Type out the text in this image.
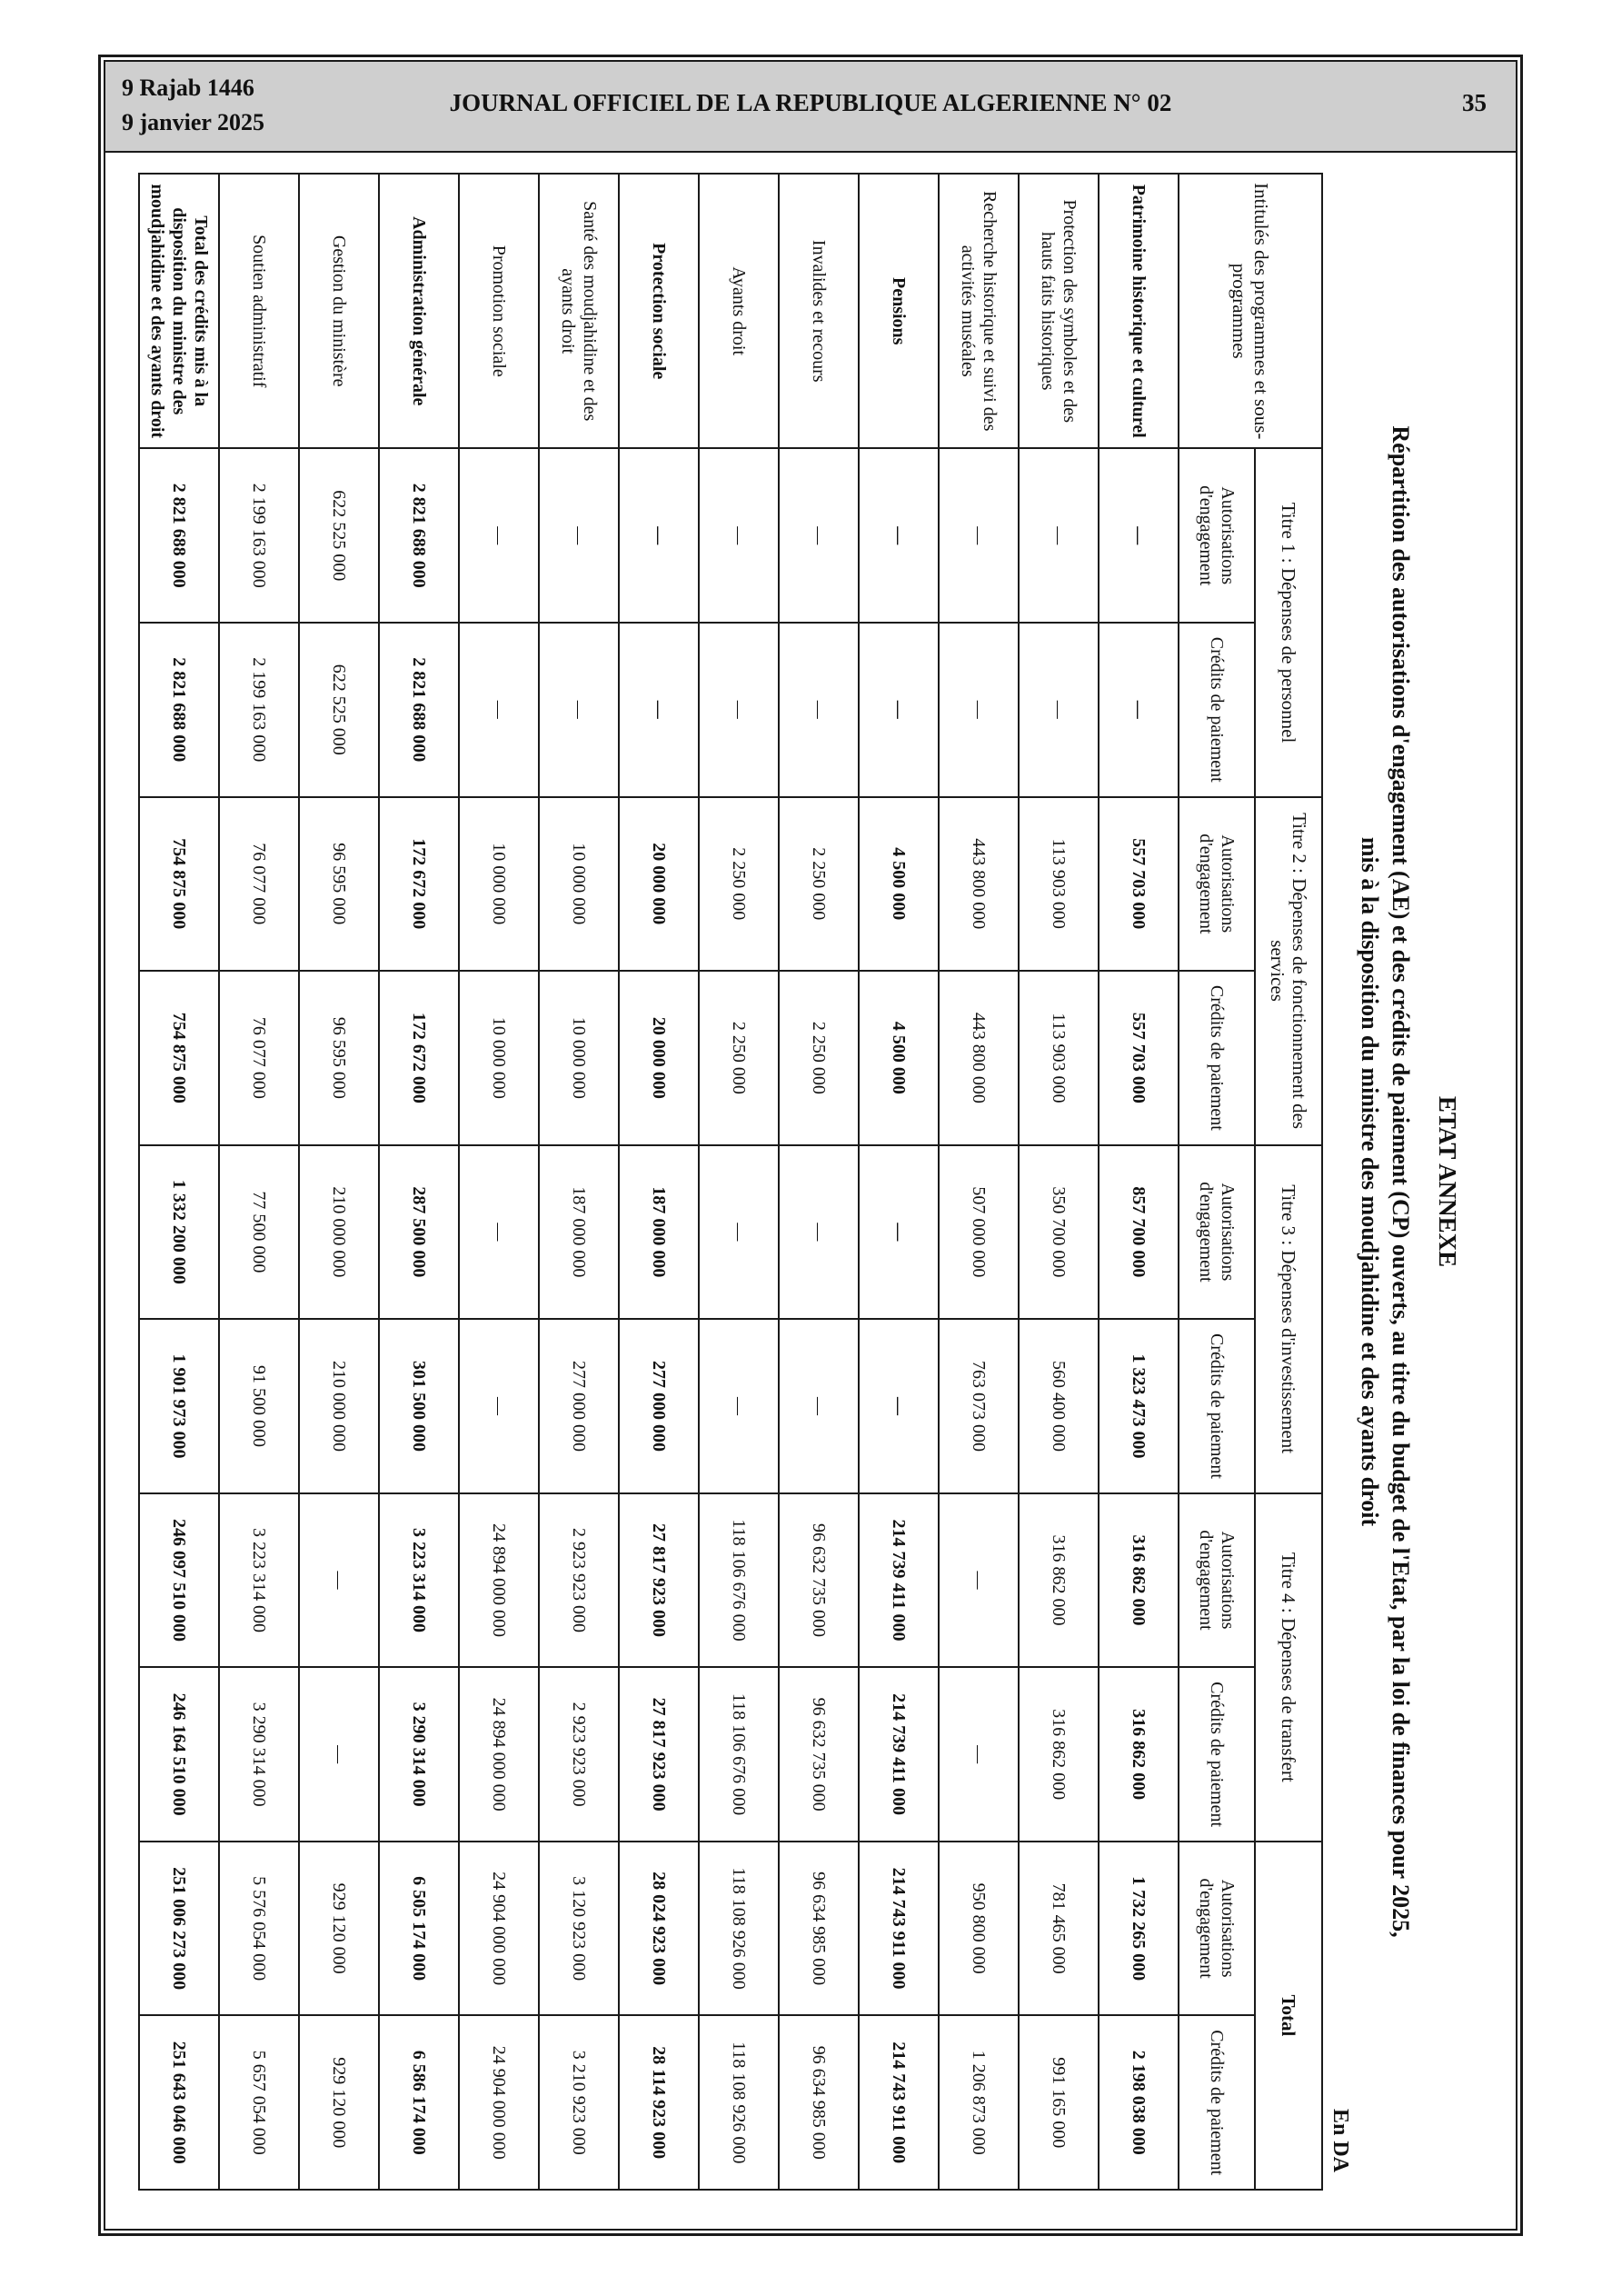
9 Rajab 1446
9 janvier 2025
JOURNAL OFFICIEL DE LA REPUBLIQUE ALGERIENNE N° 02	35
ETAT ANNEXE
Répartition des autorisations d'engagement (AE) et des crédits de paiement (CP) ouverts, au titre du budget de l'Etat, par la loi de finances pour 2025,
mis à la disposition du ministre des moudjahidine et des ayants droit
En DA
Intitulés des programmes et sous-programmes	Titre 1 : Dépenses de personnel		Titre 2 : Dépenses de fonctionnement des services		Titre 3 : Dépenses d'investissement		Titre 4 : Dépenses de transfert		Total	
	Autorisations d'engagement	Crédits de paiement	Autorisations d'engagement	Crédits de paiement	Autorisations d'engagement	Crédits de paiement	Autorisations d'engagement	Crédits de paiement	Autorisations d'engagement	Crédits de paiement
Patrimoine historique et culturel	—	—	557 703 000	557 703 000	857 700 000	1 323 473 000	316 862 000	316 862 000	1 732 265 000	2 198 038 000
Protection des symboles et des hauts faits historiques	—	—	113 903 000	113 903 000	350 700 000	560 400 000	316 862 000	316 862 000	781 465 000	991 165 000
Recherche historique et suivi des activités muséales	—	—	443 800 000	443 800 000	507 000 000	763 073 000	—	—	950 800 000	1 206 873 000
Pensions	—	—	4 500 000	4 500 000	—	—	214 739 411 000	214 739 411 000	214 743 911 000	214 743 911 000
Invalides et recours	—	—	2 250 000	2 250 000	—	—	96 632 735 000	96 632 735 000	96 634 985 000	96 634 985 000
Ayants droit	—	—	2 250 000	2 250 000	—	—	118 106 676 000	118 106 676 000	118 108 926 000	118 108 926 000
Protection sociale	—	—	20 000 000	20 000 000	187 000 000	277 000 000	27 817 923 000	27 817 923 000	28 024 923 000	28 114 923 000
Santé des moudjahidine et des ayants droit	—	—	10 000 000	10 000 000	187 000 000	277 000 000	2 923 923 000	2 923 923 000	3 120 923 000	3 210 923 000
Promotion sociale	—	—	10 000 000	10 000 000	—	—	24 894 000 000	24 894 000 000	24 904 000 000	24 904 000 000
Administration générale	2 821 688 000	2 821 688 000	172 672 000	172 672 000	287 500 000	301 500 000	3 223 314 000	3 290 314 000	6 505 174 000	6 586 174 000
Gestion du ministère	622 525 000	622 525 000	96 595 000	96 595 000	210 000 000	210 000 000	—	—	929 120 000	929 120 000
Soutien administratif	2 199 163 000	2 199 163 000	76 077 000	76 077 000	77 500 000	91 500 000	3 223 314 000	3 290 314 000	5 576 054 000	5 657 054 000
Total des crédits mis à la disposition du ministre des moudjahidine et des ayants droit	2 821 688 000	2 821 688 000	754 875 000	754 875 000	1 332 200 000	1 901 973 000	246 097 510 000	246 164 510 000	251 006 273 000	251 643 046 000
